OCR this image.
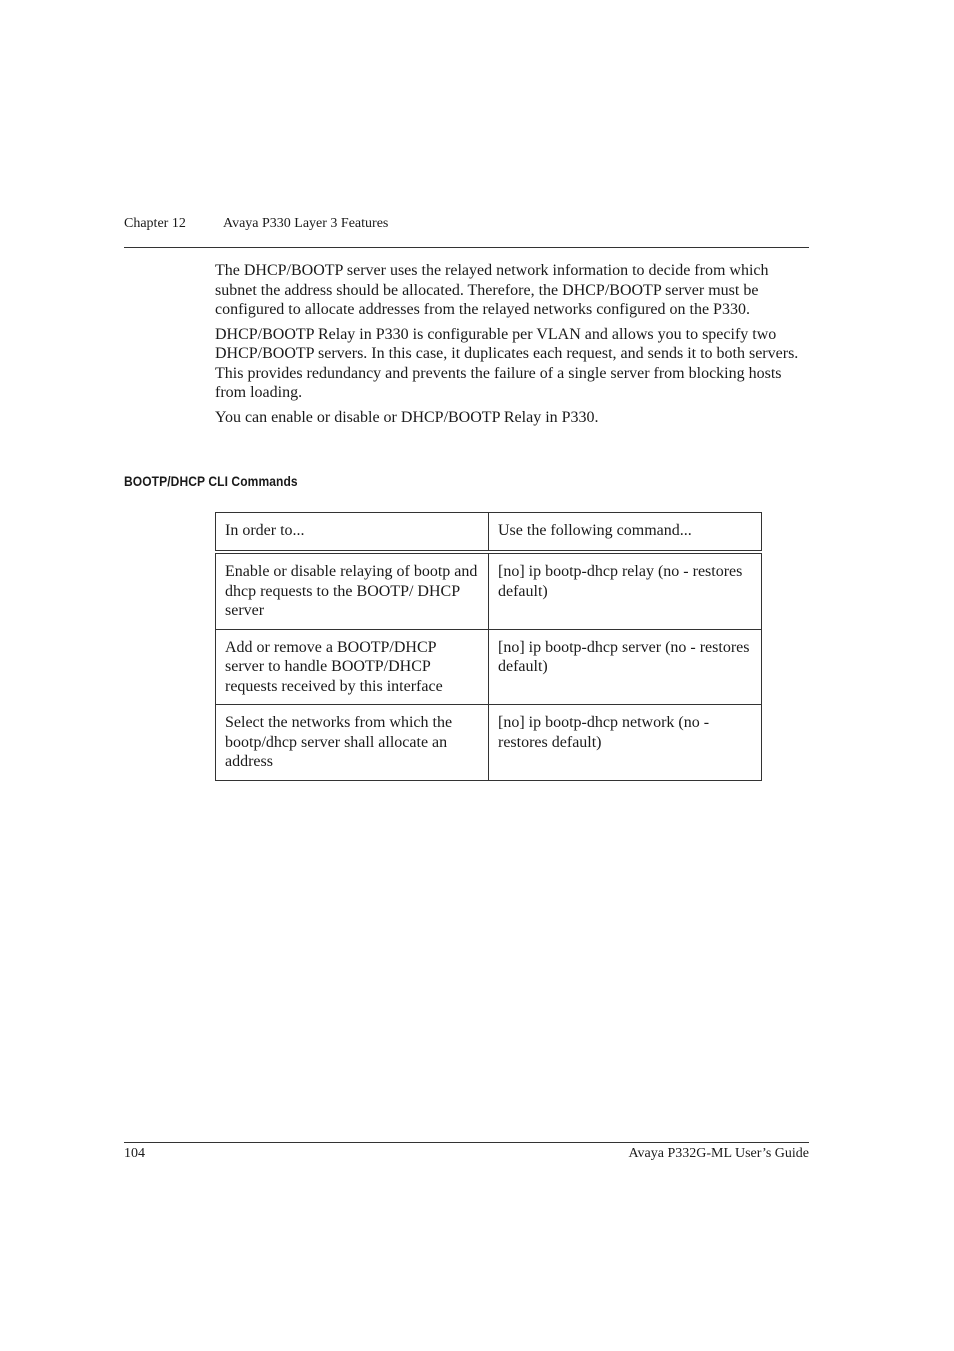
Chapter 12	Avaya P330 Layer 3 Features

The DHCP/BOOTP server uses the relayed network information to decide from which subnet the address should be allocated. Therefore, the DHCP/BOOTP server must be configured to allocate addresses from the relayed networks configured on the P330.

DHCP/BOOTP Relay in P330 is configurable per VLAN and allows you to specify two DHCP/BOOTP servers. In this case, it duplicates each request, and sends it to both servers. This provides redundancy and prevents the failure of a single server from blocking hosts from loading.

You can enable or disable or DHCP/BOOTP Relay in P330.

BOOTP/DHCP CLI Commands
In order to...	Use the following command...
Enable or disable relaying of bootp and dhcp requests to the BOOTP/ DHCP server	[no] ip bootp-dhcp relay (no - restores default)
Add or remove a BOOTP/DHCP server to handle BOOTP/DHCP requests received by this interface	[no] ip bootp-dhcp server (no - restores default)
Select the networks from which the bootp/dhcp server shall allocate an address	[no] ip bootp-dhcp network (no - restores default)
104	Avaya P332G-ML User’s Guide
